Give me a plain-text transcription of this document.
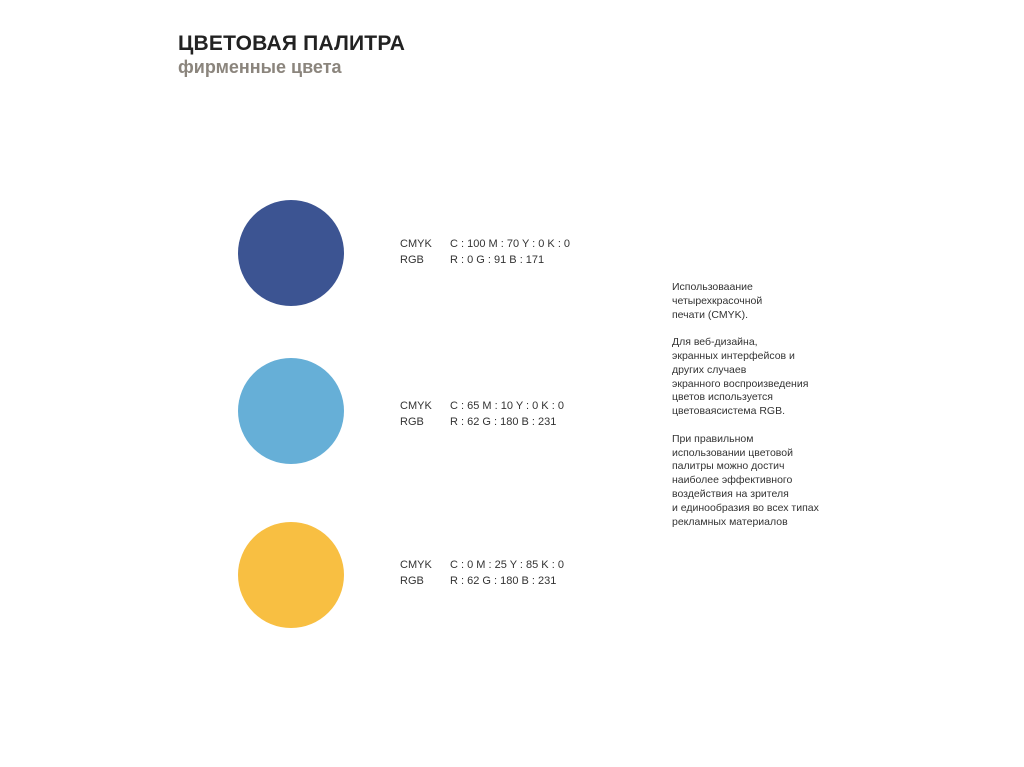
ЦВЕТОВАЯ ПАЛИТРА
фирменные цвета
CMYK	C : 100 M : 70 Y : 0 K : 0
RGB	R : 0 G : 91 B : 171
CMYK	C : 65 M : 10 Y : 0 K : 0
RGB	R : 62 G : 180 B : 231
CMYK	C : 0 M : 25 Y : 85 K : 0
RGB	R : 62 G : 180 B : 231

Использоваание
четырехкрасочной
печати (CMYK).

Для веб-дизайна,
экранных интерфейсов и
других случаев
экранного воспроизведения
цветов используется
цветоваясистема RGB.

При правильном
использовании цветовой
палитры можно достич
наиболее эффективного
воздействия на зрителя
и единообразия во всех типах
рекламных материалов
